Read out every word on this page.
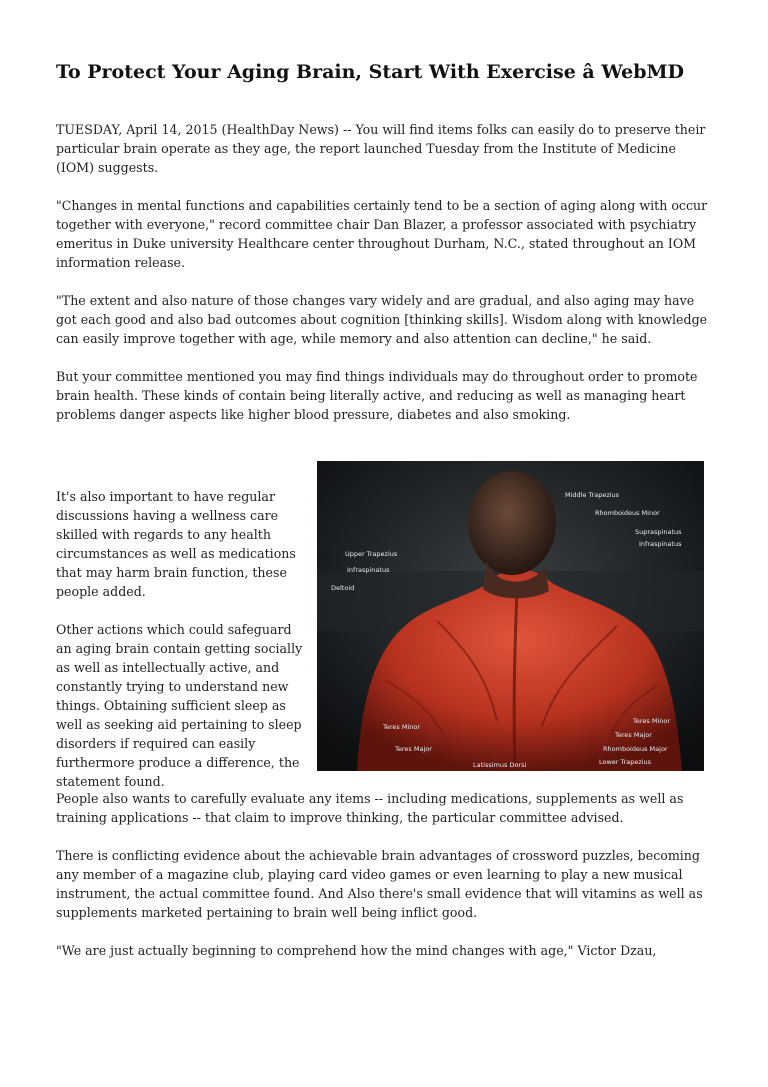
To Protect Your Aging Brain, Start With Exercise â WebMD

TUESDAY, April 14, 2015 (HealthDay News) -- You will find items folks can easily do to preserve their particular brain operate as they age, the report launched Tuesday from the Institute of Medicine (IOM) suggests.

"Changes in mental functions and capabilities certainly tend to be a section of aging along with occur together with everyone," record committee chair Dan Blazer, a professor associated with psychiatry emeritus in Duke university Healthcare center throughout Durham, N.C., stated throughout an IOM information release.

"The extent and also nature of those changes vary widely and are gradual, and also aging may have got each good and also bad outcomes about cognition [thinking skills]. Wisdom along with knowledge can easily improve together with age, while memory and also attention can decline," he said.

But your committee mentioned you may find things individuals may do throughout order to promote brain health. These kinds of contain being literally active, and reducing as well as managing heart problems danger aspects like higher blood pressure, diabetes and also smoking.

It's also important to have regular discussions having a wellness care skilled with regards to any health circumstances as well as medications that may harm brain function, these people added.

Other actions which could safeguard an aging brain contain getting socially as well as intellectually active, and constantly trying to understand new things. Obtaining sufficient sleep as well as seeking aid pertaining to sleep disorders if required can easily furthermore produce a difference, the statement found.

Middle Trapezius
Rhomboideus Minor
Supraspinatus
Infraspinatus
Upper Trapezius
Infraspinatus
Deltoid
Teres Minor
Teres Major
Latissimus Dorsi
Teres Minor
Teres Major
Rhomboideus Major
Lower Trapezius

People also wants to carefully evaluate any items -- including medications, supplements as well as training applications -- that claim to improve thinking, the particular committee advised.

There is conflicting evidence about the achievable brain advantages of crossword puzzles, becoming any member of a magazine club, playing card video games or even learning to play a new musical instrument, the actual committee found. And Also there's small evidence that will vitamins as well as supplements marketed pertaining to brain well being inflict good.

"We are just actually beginning to comprehend how the mind changes with age," Victor Dzau,
